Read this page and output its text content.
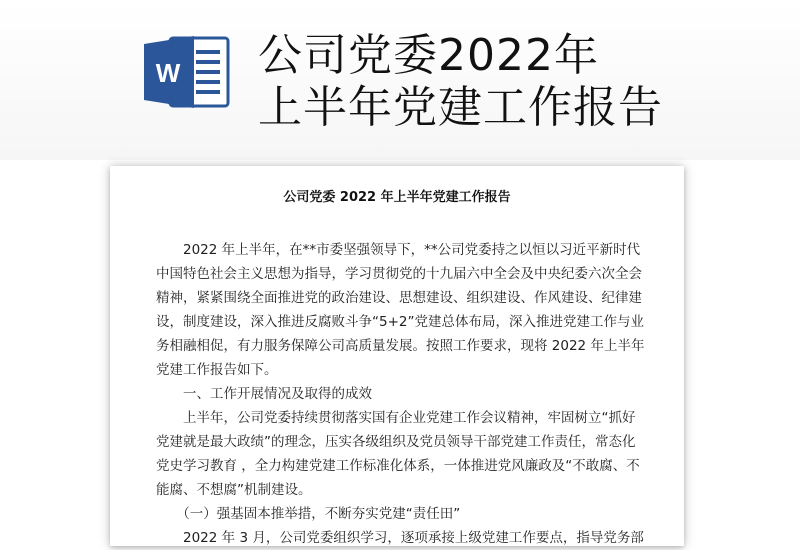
W 公司党委2022年
上半年党建工作报告
公司党委 2022 年上半年党建工作报告
　　2022 年上半年，在**市委坚强领导下，**公司党委持之以恒以习近平新时代
中国特色社会主义思想为指导，学习贯彻党的十九届六中全会及中央纪委六次全会
精神，紧紧围绕全面推进党的政治建设、思想建设、组织建设、作风建设、纪律建
设，制度建设，深入推进反腐败斗争“5+2”党建总体布局，深入推进党建工作与业
务相融相促，有力服务保障公司高质量发展。按照工作要求，现将 2022 年上半年
党建工作报告如下。
　　一、工作开展情况及取得的成效
　　上半年，公司党委持续贯彻落实国有企业党建工作会议精神，牢固树立“抓好
党建就是最大政绩”的理念，压实各级组织及党员领导干部党建工作责任，常态化
党史学习教育 ，全力构建党建工作标准化体系，一体推进党风廉政及“不敢腐、不
能腐、不想腐”机制建设。
　　（一）强基固本推举措，不断夯实党建“责任田”
　　2022 年 3 月，公司党委组织学习，逐项承接上级党建工作要点，指导党务部
